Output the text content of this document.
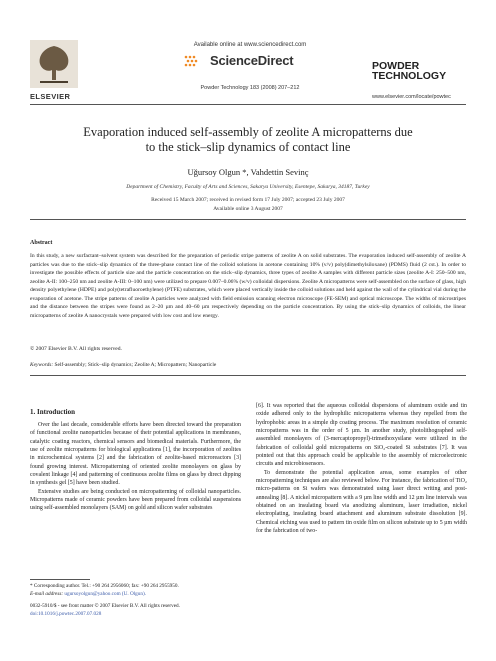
ELSEVIER
Available online at www.sciencedirect.com
ScienceDirect
Powder Technology 183 (2008) 207–212
POWDER TECHNOLOGY
www.elsevier.com/locate/powtec
Evaporation induced self-assembly of zeolite A micropatterns due
to the stick–slip dynamics of contact line
Uğursoy Olgun *, Vahdettin Sevinç
Department of Chemistry, Faculty of Arts and Sciences, Sakarya University, Esentepe, Sakarya, 34187, Turkey
Received 15 March 2007; received in revised form 17 July 2007; accepted 23 July 2007
Available online 3 August 2007
Abstract
In this study, a new surfactant–solvent system was described for the preparation of periodic stripe patterns of zeolite A on solid substrates. The evaporation induced self-assembly of zeolite A particles was due to the stick–slip dynamics of the three-phase contact line of the colloid solutions in acetone containing 10% (v/v) poly(dimethylsiloxane) (PDMS) fluid (2 cst.). In order to investigate the possible effects of particle size and the particle concentration on the stick–slip dynamics, three types of zeolite A samples with different particle sizes (zeolite A-I: 250–500 nm, zeolite A-II: 100–250 nm and zeolite A-III: 0–100 nm) were utilized to prepare 0.007–0.06% (w/v) colloidal dispersions. Zeolite A micropatterns were self-assembled on the surface of glass, high density polyethylene (HDPE) and poly(tetrafluoroethylene) (PTFE) substrates, which were placed vertically inside the colloid solutions and held against the wall of the cylindrical vial during the evaporation of acetone. The stripe patterns of zeolite A particles were analyzed with field emission scanning electron microscope (FE-SEM) and optical microscope. The widths of microstripes and the distance between the stripes were found as 2–20 µm and 40–60 µm respectively depending on the particle concentration. By using the stick–slip dynamics of colloids, the linear micropatterns of zeolite A nanocrystals were prepared with low cost and low energy.
© 2007 Elsevier B.V. All rights reserved.
Keywords: Self-assembly; Stick–slip dynamics; Zeolite A; Micropattern; Nanoparticle
1. Introduction

Over the last decade, considerable efforts have been directed toward the preparation of functional zeolite nanoparticles because of their potential applications in membranes, catalytic coating reactors, chemical sensors and biomedical materials. Furthermore, the use of zeolite micropatterns for biological applications [1], the incorporation of zeolites in microchemical systems [2] and the fabrication of zeolite-based microreactors [3] found growing interest. Micropatterning of oriented zeolite monolayers on glass by covalent linkage [4] and patterning of continuous zeolite films on glass by direct dipping in synthesis gel [5] have been studied.

Extensive studies are being conducted on micropatterning of colloidal nanoparticles. Micropatterns made of ceramic powders have been prepared from colloidal suspensions using self-assembled monolayers (SAM) on gold and silicon wafer substrates

[6]. It was reported that the aqueous colloidal dispersions of aluminum oxide and tin oxide adhered only to the hydrophilic micropatterns whereas they repelled from the hydrophobic areas in a simple dip coating process. The maximum resolution of ceramic micropatterns was in the order of 5 µm. In another study, photolithographed self-assembled monolayers of (3-mercaptopropyl)-trimethoxysilane were utilized in the fabrication of colloidal gold micropatterns on SiO₂-coated Si substrates [7]. It was pointed out that this approach could be applicable to the assembly of microelectronic circuits and microbiosensors.

To demonstrate the potential application areas, some examples of other micropatterning techniques are also reviewed below. For instance, the fabrication of TiO₂ micro-patterns on Si wafers was demonstrated using laser direct writing and post-annealing [8]. A nickel micropattern with a 9 µm line width and 12 µm line intervals was obtained on an insulating board via anodizing aluminum, laser irradiation, nickel electroplating, insulating board attachment and aluminum substrate dissolution [9]. Chemical etching was used to pattern tin oxide film on silicon substrate up to 5 µm width for the fabrication of two-

* Corresponding author. Tel.: +90 264 2956060; fax: +90 264 2955950.
E-mail address: ugursoyolgun@yahoo.com (U. Olgun).
0032-5910/$ - see front matter © 2007 Elsevier B.V. All rights reserved.
doi:10.1016/j.powtec.2007.07.028
